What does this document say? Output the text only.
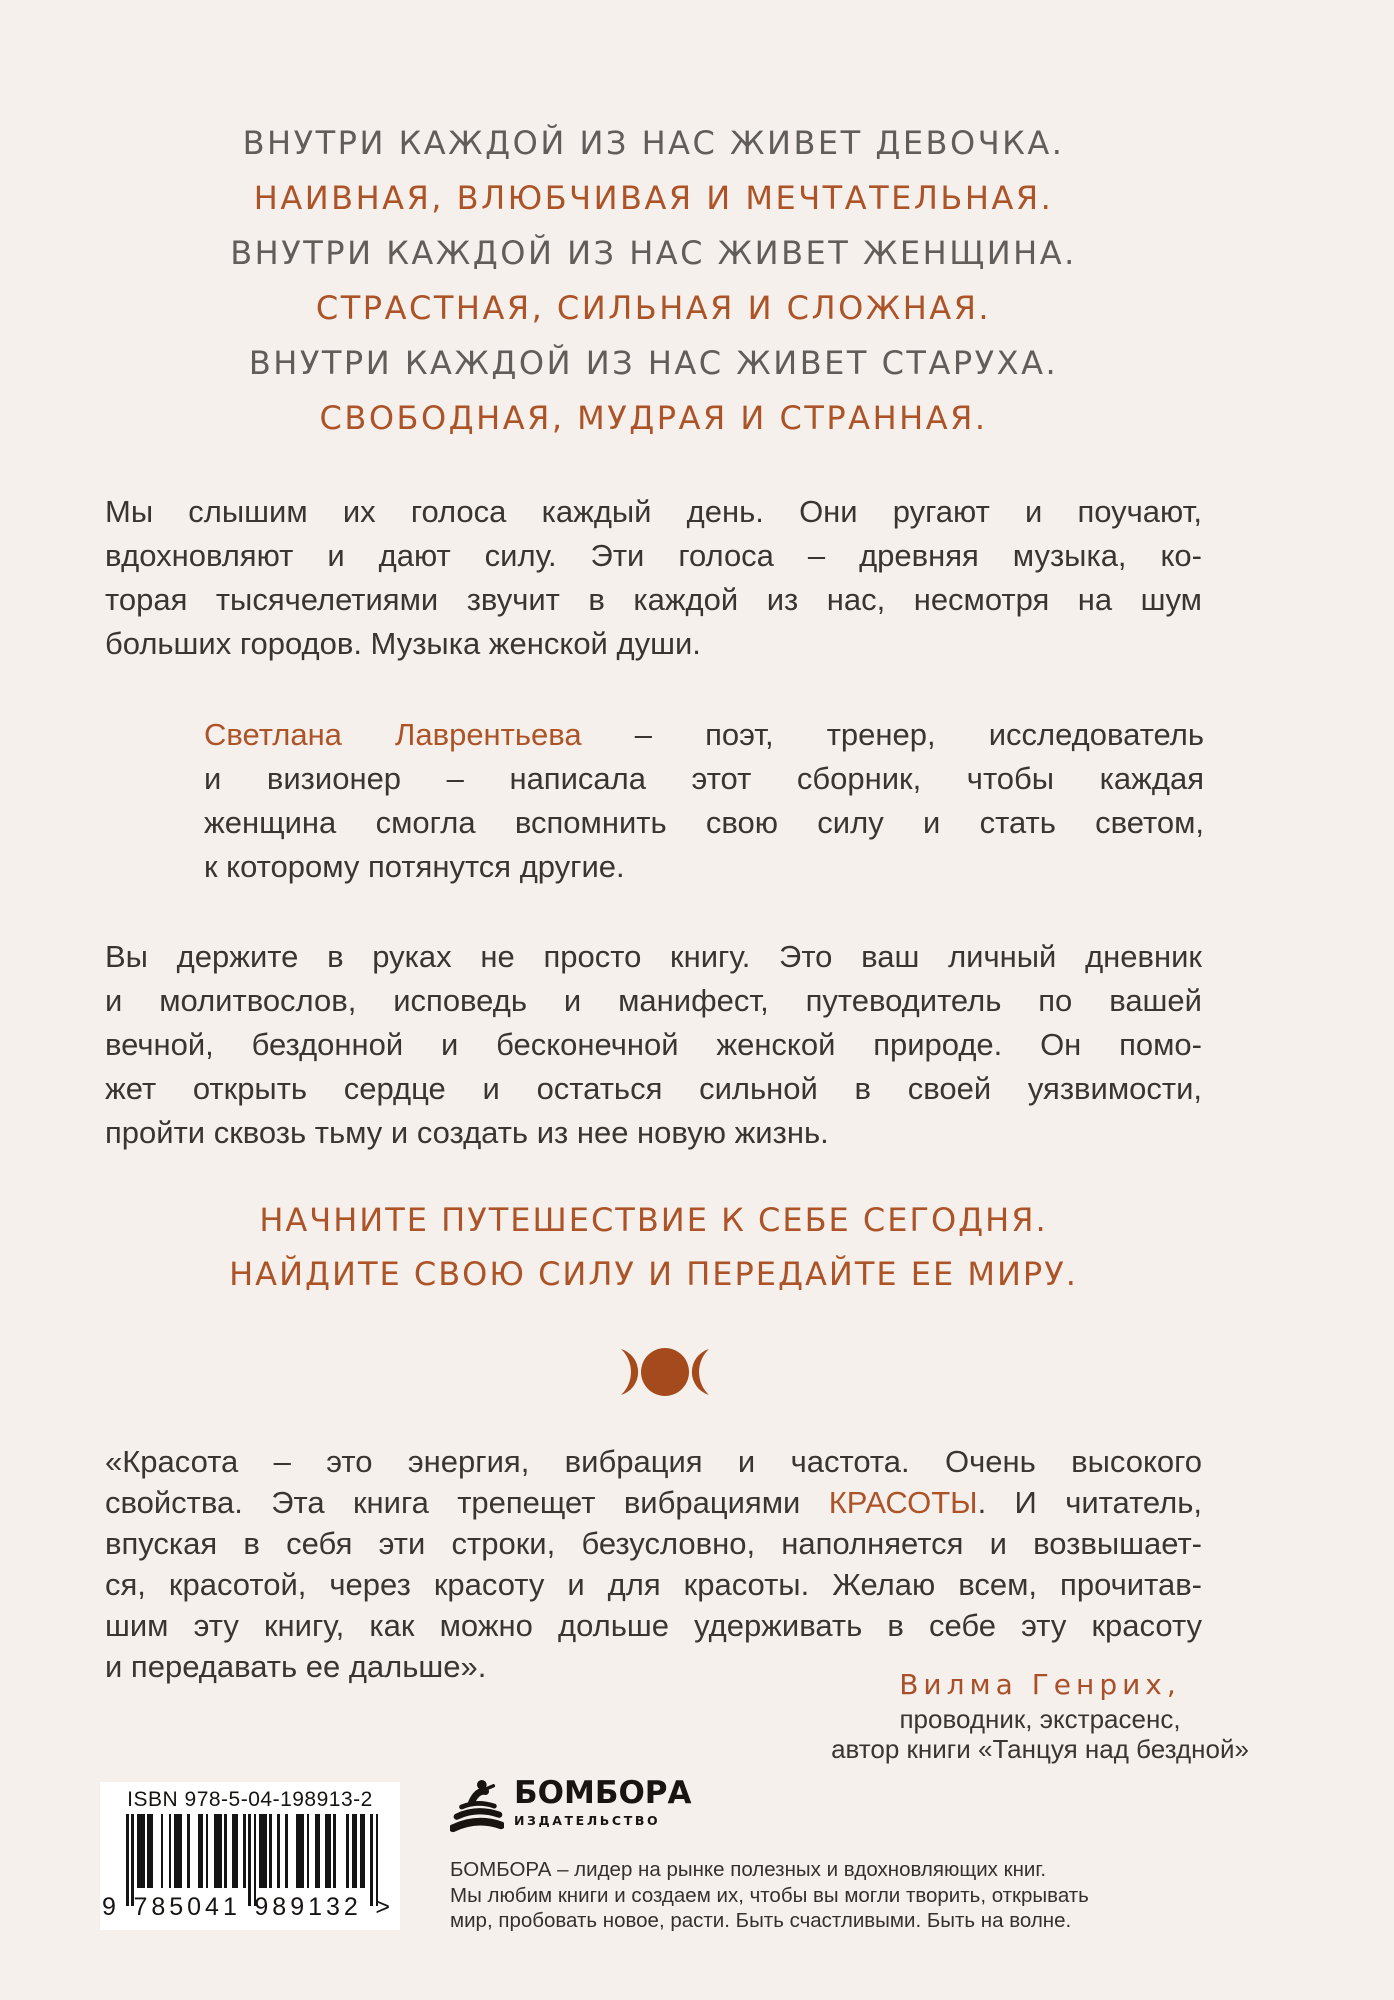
ВНУТРИ КАЖДОЙ ИЗ НАС ЖИВЕТ ДЕВОЧКА.
НАИВНАЯ, ВЛЮБЧИВАЯ И МЕЧТАТЕЛЬНАЯ.
ВНУТРИ КАЖДОЙ ИЗ НАС ЖИВЕТ ЖЕНЩИНА.
СТРАСТНАЯ, СИЛЬНАЯ И СЛОЖНАЯ.
ВНУТРИ КАЖДОЙ ИЗ НАС ЖИВЕТ СТАРУХА.
СВОБОДНАЯ, МУДРАЯ И СТРАННАЯ.
Мы слышим их голоса каждый день. Они ругают и поучают,
вдохновляют и дают силу. Эти голоса – древняя музыка, ко-
торая тысячелетиями звучит в каждой из нас, несмотря на шум
больших городов. Музыка женской души.
Светлана Лаврентьева – поэт, тренер, исследователь
и визионер – написала этот сборник, чтобы каждая
женщина смогла вспомнить свою силу и стать светом,
к которому потянутся другие.
Вы держите в руках не просто книгу. Это ваш личный дневник
и молитвослов, исповедь и манифест, путеводитель по вашей
вечной, бездонной и бесконечной женской природе. Он помо-
жет открыть сердце и остаться сильной в своей уязвимости,
пройти сквозь тьму и создать из нее новую жизнь.
НАЧНИТЕ ПУТЕШЕСТВИЕ К СЕБЕ СЕГОДНЯ.
НАЙДИТЕ СВОЮ СИЛУ И ПЕРЕДАЙТЕ ЕЕ МИРУ.
«Красота – это энергия, вибрация и частота. Очень высокого
свойства. Эта книга трепещет вибрациями КРАСОТЫ. И читатель,
впуская в себя эти строки, безусловно, наполняется и возвышает-
ся, красотой, через красоту и для красоты. Желаю всем, прочитав-
шим эту книгу, как можно дольше удерживать в себе эту красоту
и передавать ее дальше».
Вилма Генрих,
проводник, экстрасенс,
автор книги «Танцуя над бездной»
ISBN 978-5-04-198913-2
9 785041 989132 >
БОМБОРА
ИЗДАТЕЛЬСТВО
БОМБОРА – лидер на рынке полезных и вдохновляющих книг.
Мы любим книги и создаем их, чтобы вы могли творить, открывать
мир, пробовать новое, расти. Быть счастливыми. Быть на волне.
